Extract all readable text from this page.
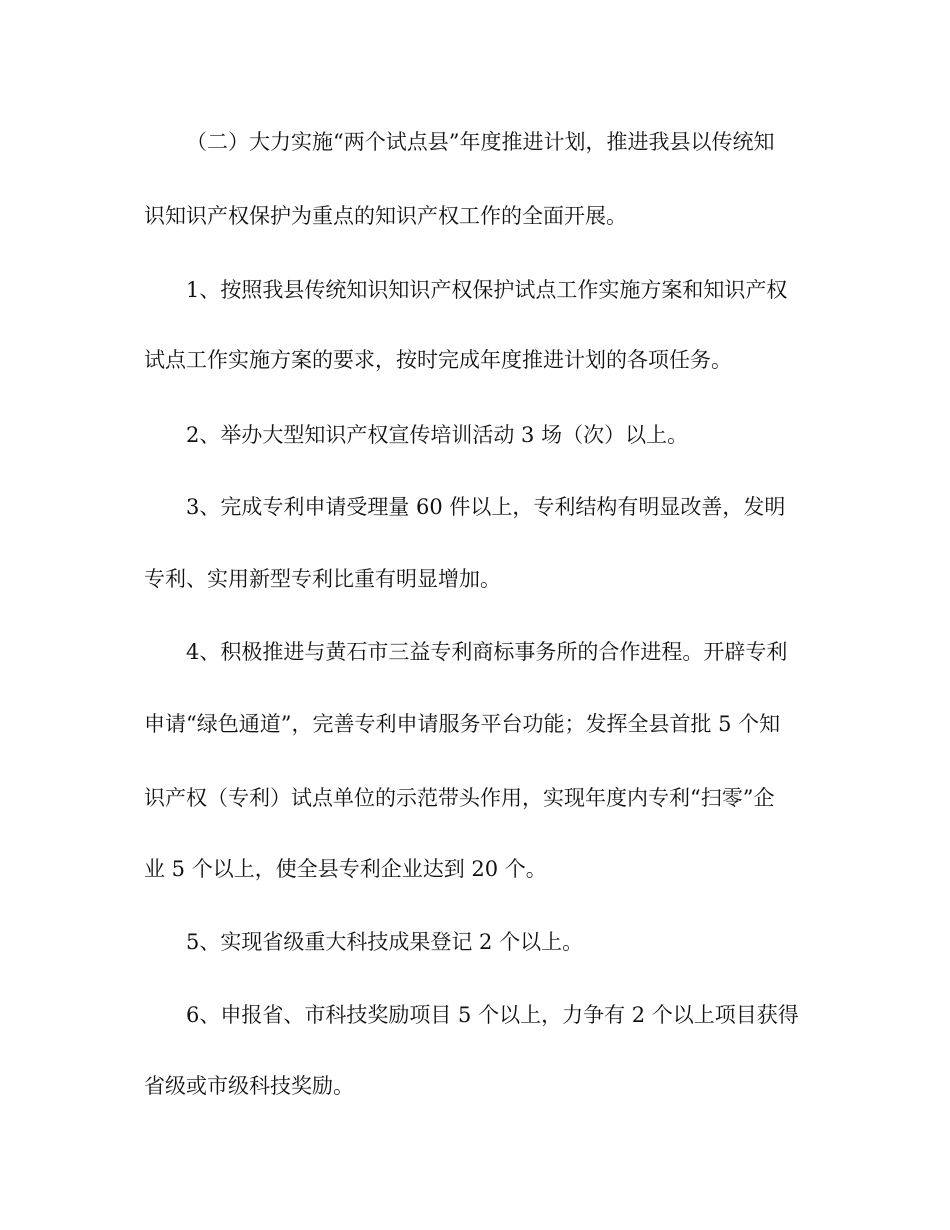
（二）大力实施“两个试点县”年度推进计划，推进我县以传统知
识知识产权保护为重点的知识产权工作的全面开展。
1、按照我县传统知识知识产权保护试点工作实施方案和知识产权
试点工作实施方案的要求，按时完成年度推进计划的各项任务。
2、举办大型知识产权宣传培训活动 3 场（次）以上。
3、完成专利申请受理量 60 件以上，专利结构有明显改善，发明
专利、实用新型专利比重有明显增加。
4、积极推进与黄石市三益专利商标事务所的合作进程。开辟专利
申请“绿色通道”，完善专利申请服务平台功能；发挥全县首批 5 个知
识产权（专利）试点单位的示范带头作用，实现年度内专利“扫零”企
业 5 个以上，使全县专利企业达到 20 个。
5、实现省级重大科技成果登记 2 个以上。
6、申报省、市科技奖励项目 5 个以上，力争有 2 个以上项目获得
省级或市级科技奖励。
